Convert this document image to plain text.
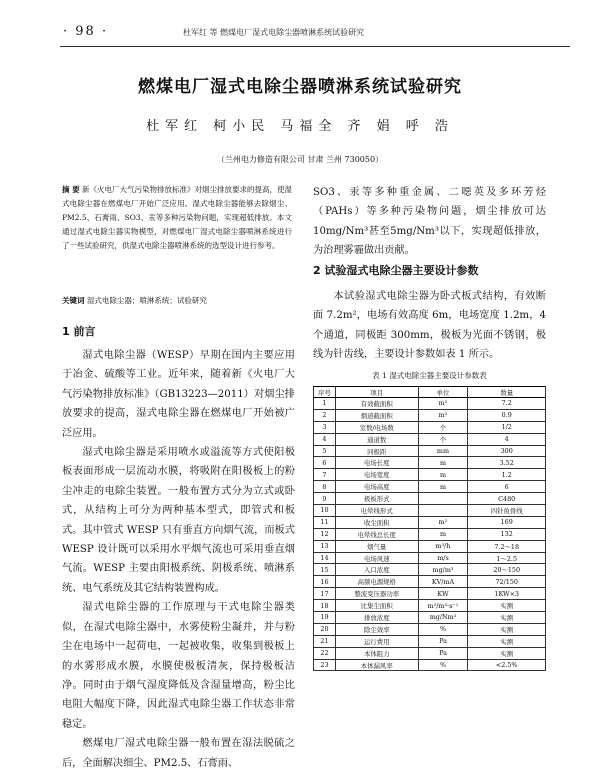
· 98 ·	杜军红 等 燃煤电厂湿式电除尘器喷淋系统试验研究
燃煤电厂湿式电除尘器喷淋系统试验研究
杜军红 柯小民 马福全 齐 娟 呼 浩
（兰州电力修造有限公司 甘肃 兰州 730050）
摘 要 新《火电厂大气污染物排放标准》对烟尘排放要求的提高，使湿式电除尘器在燃煤电厂开始广泛应用。湿式电除尘器能够去除烟尘、PM2.5、石膏雨、SO3、汞等多种污染物问题，实现超低排放。本文通过湿式电除尘器实物模型，对燃煤电厂湿式电除尘器喷淋系统进行了一些试验研究，供湿式电除尘器喷淋系统的选型设计进行参考。
关键词 湿式电除尘器；喷淋系统；试验研究
1 前言
湿式电除尘器（WESP）早期在国内主要应用于冶金、硫酸等工业。近年来，随着新《火电厂大气污染物排放标准》（GB13223—2011）对烟尘排放要求的提高，湿式电除尘器在燃煤电厂开始被广泛应用。
湿式电除尘器是采用喷水或溢流等方式使阳极板表面形成一层流动水膜，将吸附在阳极板上的粉尘冲走的电除尘装置。一般布置方式分为立式或卧式，从结构上可分为两种基本型式，即管式和板式。其中管式 WESP 只有垂直方向烟气流，而板式 WESP 设计既可以采用水平烟气流也可采用垂直烟气流。WESP 主要由阳极系统、阴极系统、喷淋系统、电气系统及其它结构装置构成。
湿式电除尘器的工作原理与干式电除尘器类似，在湿式电除尘器中，水雾使粉尘凝并，并与粉尘在电场中一起荷电，一起被收集，收集到极板上的水雾形成水膜，水膜使极板清灰，保持极板洁净。同时由于烟气湿度降低及含湿量增高，粉尘比电阻大幅度下降，因此湿式电除尘器工作状态非常稳定。
燃煤电厂湿式电除尘器一般布置在湿法脱硫之后，全面解决细尘、PM2.5、石膏雨、
SO3、汞等多种重金属、二噁英及多环芳烃（PAHs）等多种污染物问题，烟尘排放可达10mg/Nm³甚至5mg/Nm³以下，实现超低排放，为治理雾霾做出贡献。
2 试验湿式电除尘器主要设计参数
本试验湿式电除尘器为卧式板式结构，有效断面 7.2m²，电场有效高度 6m，电场宽度 1.2m，4 个通道，同极距 300mm，极板为光面不锈钢，极线为针齿线，主要设计参数如表 1 所示。
表 1 湿式电除尘器主要设计参数表
序号	项目	单位	数量
1	有效截面积	m²	7.2
2	烟道截面积	m²	0.9
3	室数/电场数	个	1/2
4	通道数	个	4
5	同极距	mm	300
6	电场长度	m	3.52
7	电场宽度	m	1.2
8	电场高度	m	6
9	极板形式		C480
10	电晕线形式		四针鱼骨线
11	收尘面积	m²	169
12	电晕线总长度	m	132
13	烟气量	m³/h	7.2～18
14	电场风速	m/s	1～2.5
15	入口浓度	mg/m³	20～150
16	高频电源规格	KV/mA	72/150
17	整流变压器功率	KW	1KW×3
18	比集尘面积	m²/m³·s⁻¹	实测
19	排放浓度	mg/Nm³	实测
20	除尘效率	%	实测
21	运行费用	Pa	实测
22	本体阻力	Pa	实测
23	本体漏风率	%	<2.5%
